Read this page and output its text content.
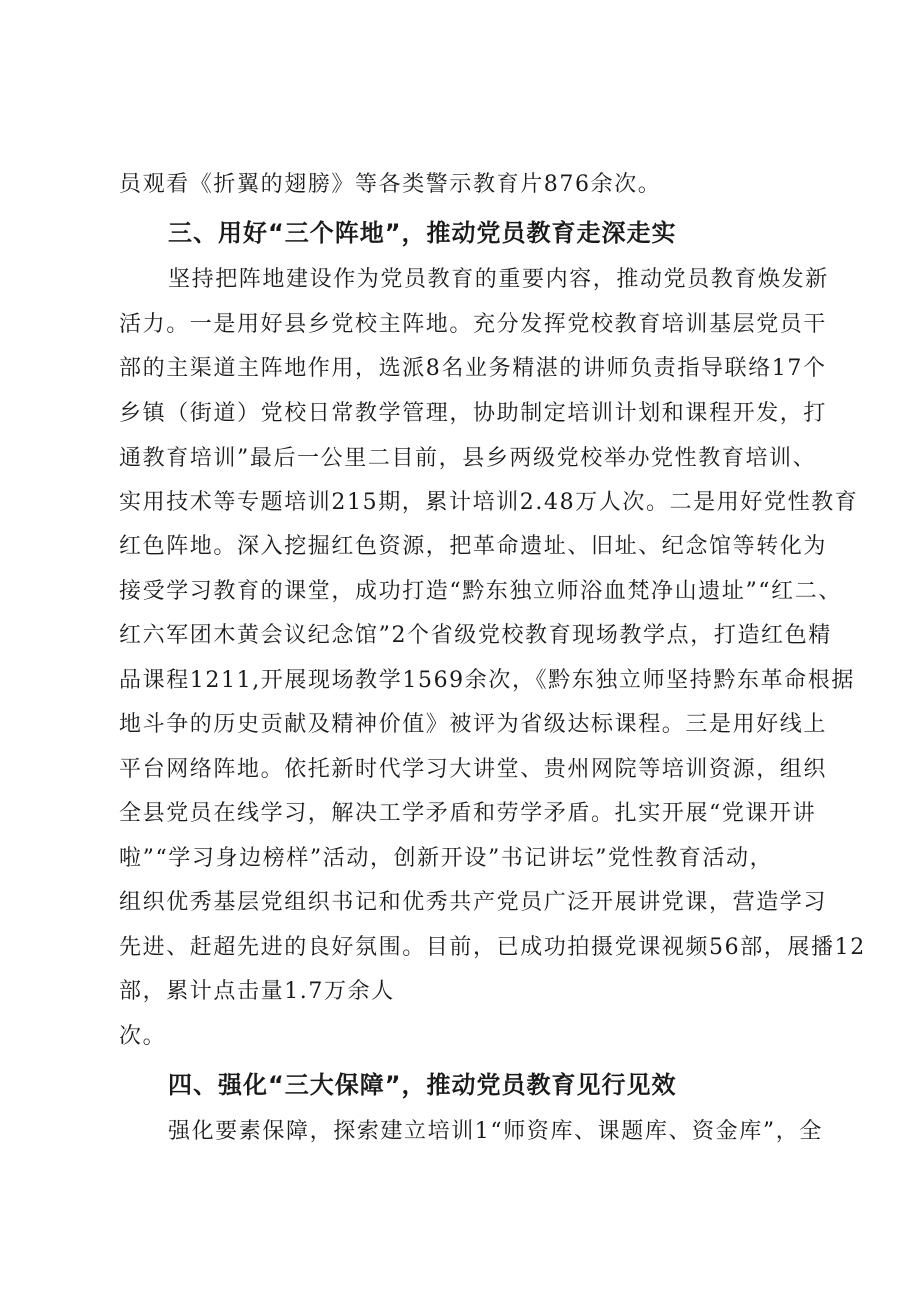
员观看《折翼的翅膀》等各类警示教育片876余次。
三、用好“三个阵地”，推动党员教育走深走实
坚持把阵地建设作为党员教育的重要内容，推动党员教育焕发新
活力。一是用好县乡党校主阵地。充分发挥党校教育培训基层党员干
部的主渠道主阵地作用，选派8名业务精湛的讲师负责指导联络17个
乡镇（街道）党校日常教学管理，协助制定培训计划和课程开发，打
通教育培训”最后一公里二目前，县乡两级党校举办党性教育培训、
实用技术等专题培训215期，累计培训2.48万人次。二是用好党性教育
红色阵地。深入挖掘红色资源，把革命遗址、旧址、纪念馆等转化为
接受学习教育的课堂，成功打造“黔东独立师浴血梵净山遗址”“红二、
红六军团木黄会议纪念馆”2个省级党校教育现场教学点，打造红色精
品课程1211,开展现场教学1569余次，《黔东独立师坚持黔东革命根据
地斗争的历史贡献及精神价值》被评为省级达标课程。三是用好线上
平台网络阵地。依托新时代学习大讲堂、贵州网院等培训资源，组织
全县党员在线学习，解决工学矛盾和劳学矛盾。扎实开展“党课开讲
啦”“学习身边榜样”活动，创新开设”书记讲坛”党性教育活动，
组织优秀基层党组织书记和优秀共产党员广泛开展讲党课，营造学习
先进、赶超先进的良好氛围。目前，已成功拍摄党课视频56部，展播12
部，累计点击量1.7万余人
次。
四、强化“三大保障”，推动党员教育见行见效
强化要素保障，探索建立培训1“师资库、课题库、资金库”，全
